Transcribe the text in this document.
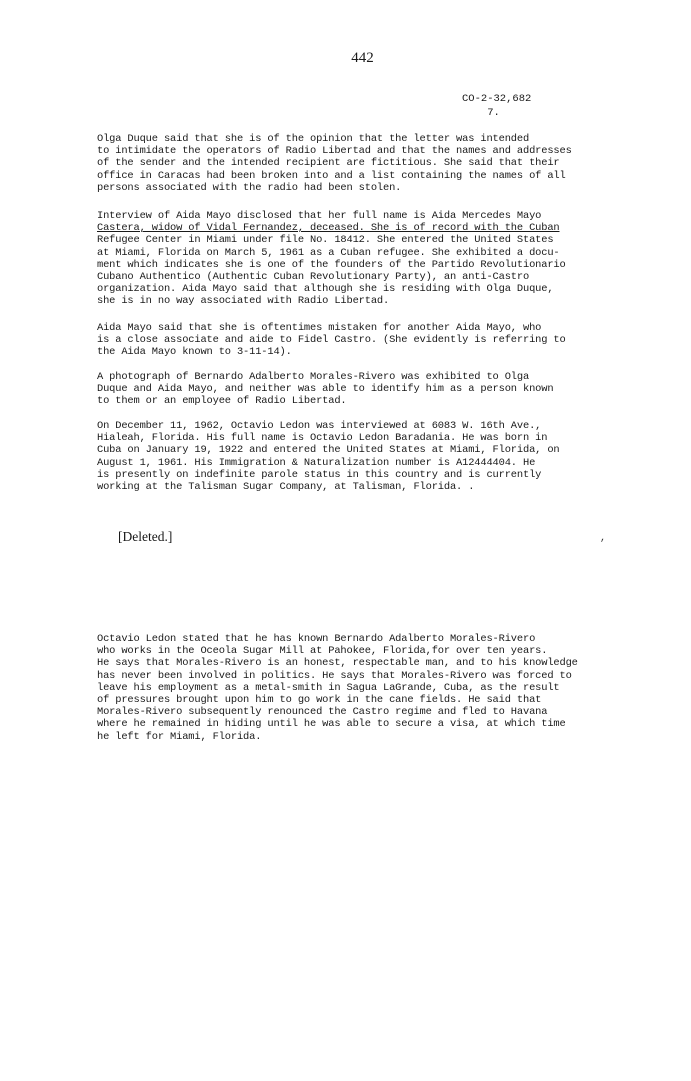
442
CO-2-32,682
7.
Olga Duque said that she is of the opinion that the letter was intended
to intimidate the operators of Radio Libertad and that the names and addresses
of the sender and the intended recipient are fictitious. She said that their
office in Caracas had been broken into and a list containing the names of all
persons associated with the radio had been stolen.
Interview of Aida Mayo disclosed that her full name is Aida Mercedes Mayo
Castera, widow of Vidal Fernandez, deceased. She is of record with the Cuban
Refugee Center in Miami under file No. 18412. She entered the United States
at Miami, Florida on March 5, 1961 as a Cuban refugee. She exhibited a docu-
ment which indicates she is one of the founders of the Partido Revolutionario
Cubano Authentico (Authentic Cuban Revolutionary Party), an anti-Castro
organization. Aida Mayo said that although she is residing with Olga Duque,
she is in no way associated with Radio Libertad.
Aida Mayo said that she is oftentimes mistaken for another Aida Mayo, who
is a close associate and aide to Fidel Castro. (She evidently is referring to
the Aida Mayo known to 3-11-14).
A photograph of Bernardo Adalberto Morales-Rivero was exhibited to Olga
Duque and Aida Mayo, and neither was able to identify him as a person known
to them or an employee of Radio Libertad.
On December 11, 1962, Octavio Ledon was interviewed at 6083 W. 16th Ave.,
Hialeah, Florida. His full name is Octavio Ledon Baradania. He was born in
Cuba on January 19, 1922 and entered the United States at Miami, Florida, on
August 1, 1961. His Immigration & Naturalization number is A12444404. He
is presently on indefinite parole status in this country and is currently
working at the Talisman Sugar Company, at Talisman, Florida. .
[Deleted.]
Octavio Ledon stated that he has known Bernardo Adalberto Morales-Rivero
who works in the Oceola Sugar Mill at Pahokee, Florida,for over ten years.
He says that Morales-Rivero is an honest, respectable man, and to his knowledge
has never been involved in politics. He says that Morales-Rivero was forced to
leave his employment as a metal-smith in Sagua LaGrande, Cuba, as the result
of pressures brought upon him to go work in the cane fields. He said that
Morales-Rivero subsequently renounced the Castro regime and fled to Havana
where he remained in hiding until he was able to secure a visa, at which time
he left for Miami, Florida.
,
